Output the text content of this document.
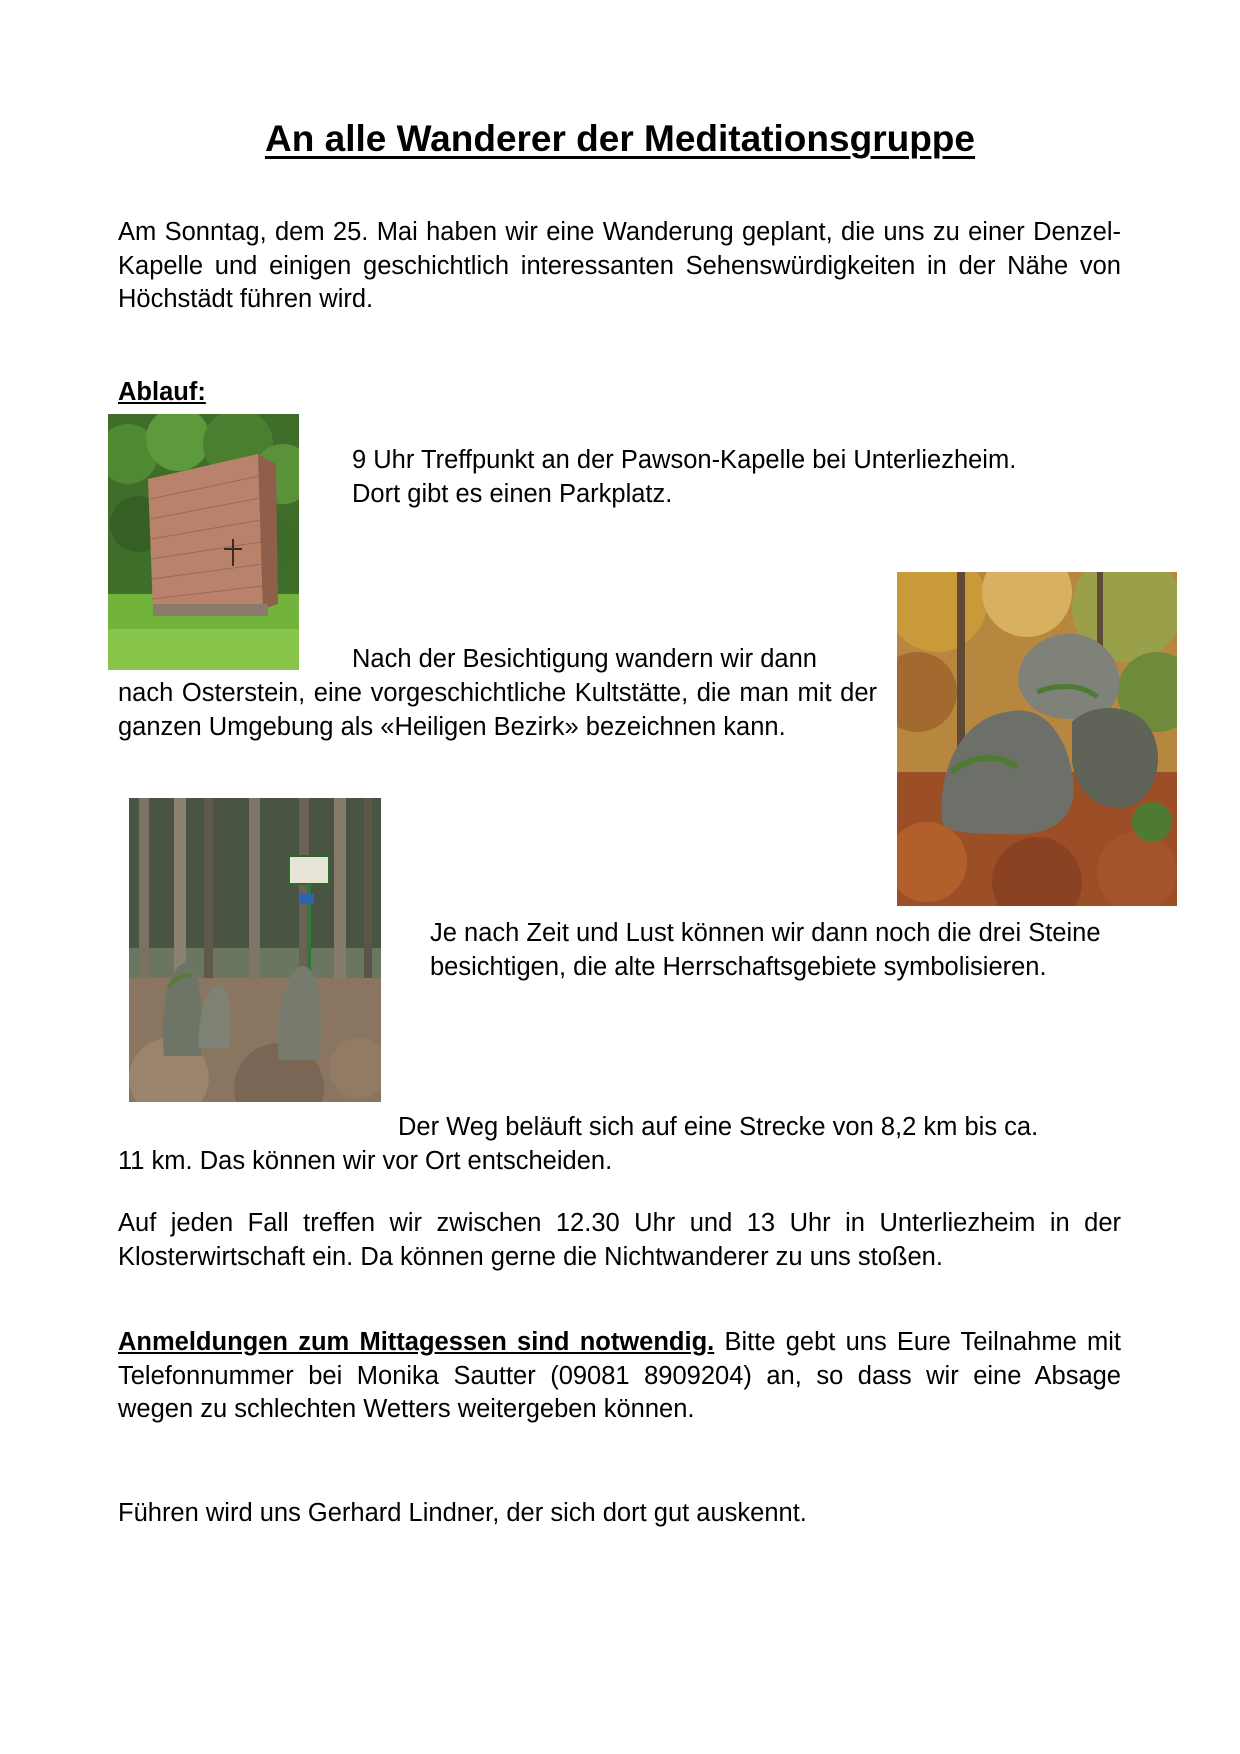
An alle Wanderer der Meditationsgruppe

Am Sonntag, dem 25. Mai haben wir eine Wanderung geplant, die uns zu einer Denzel-Kapelle und einigen geschichtlich interessanten Sehenswürdigkeiten in der Nähe von Höchstädt führen wird.

Ablauf:
9 Uhr Treffpunkt an der Pawson-Kapelle bei Unterliezheim.
Dort gibt es einen Parkplatz.
Nach der Besichtigung wandern wir dann

nach Osterstein, eine vorgeschichtliche Kultstätte, die man mit der ganzen Umgebung als «Heiligen Bezirk» bezeichnen kann.

Je nach Zeit und Lust können wir dann noch die drei Steine besichtigen, die alte Herrschaftsgebiete symbolisieren.

Der Weg beläuft sich auf eine Strecke von 8,2 km bis ca.
11 km. Das können wir vor Ort entscheiden.

Auf jeden Fall treffen wir zwischen 12.30 Uhr und 13 Uhr in Unterliezheim in der Klosterwirtschaft ein. Da können gerne die Nichtwanderer zu uns stoßen.

Anmeldungen zum Mittagessen sind notwendig. Bitte gebt uns Eure Teilnahme mit Telefonnummer bei Monika Sautter (09081 8909204) an, so dass wir eine Absage wegen zu schlechten Wetters weitergeben können.

Führen wird uns Gerhard Lindner, der sich dort gut auskennt.
